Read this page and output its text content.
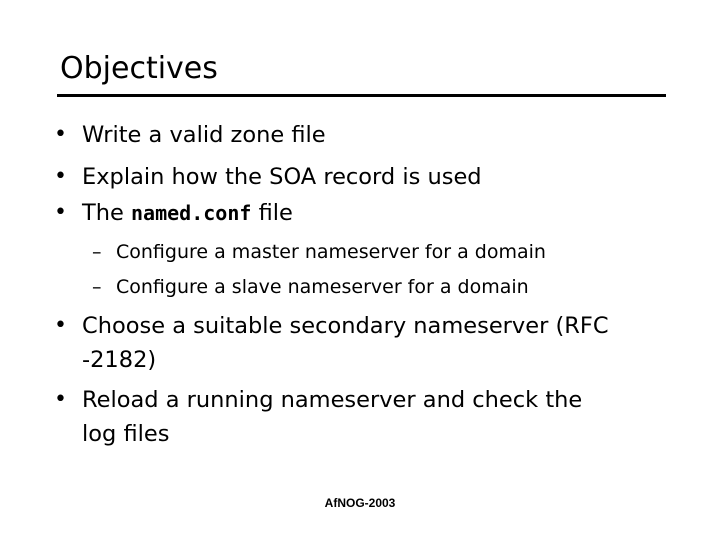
Objectives
• Write a valid zone file
• Explain how the SOA record is used
• The named.conf file
– Configure a master nameserver for a domain
– Configure a slave nameserver for a domain
• Choose a suitable secondary nameserver (RFC
-2182)
• Reload a running nameserver and check the
log files
AfNOG-2003
